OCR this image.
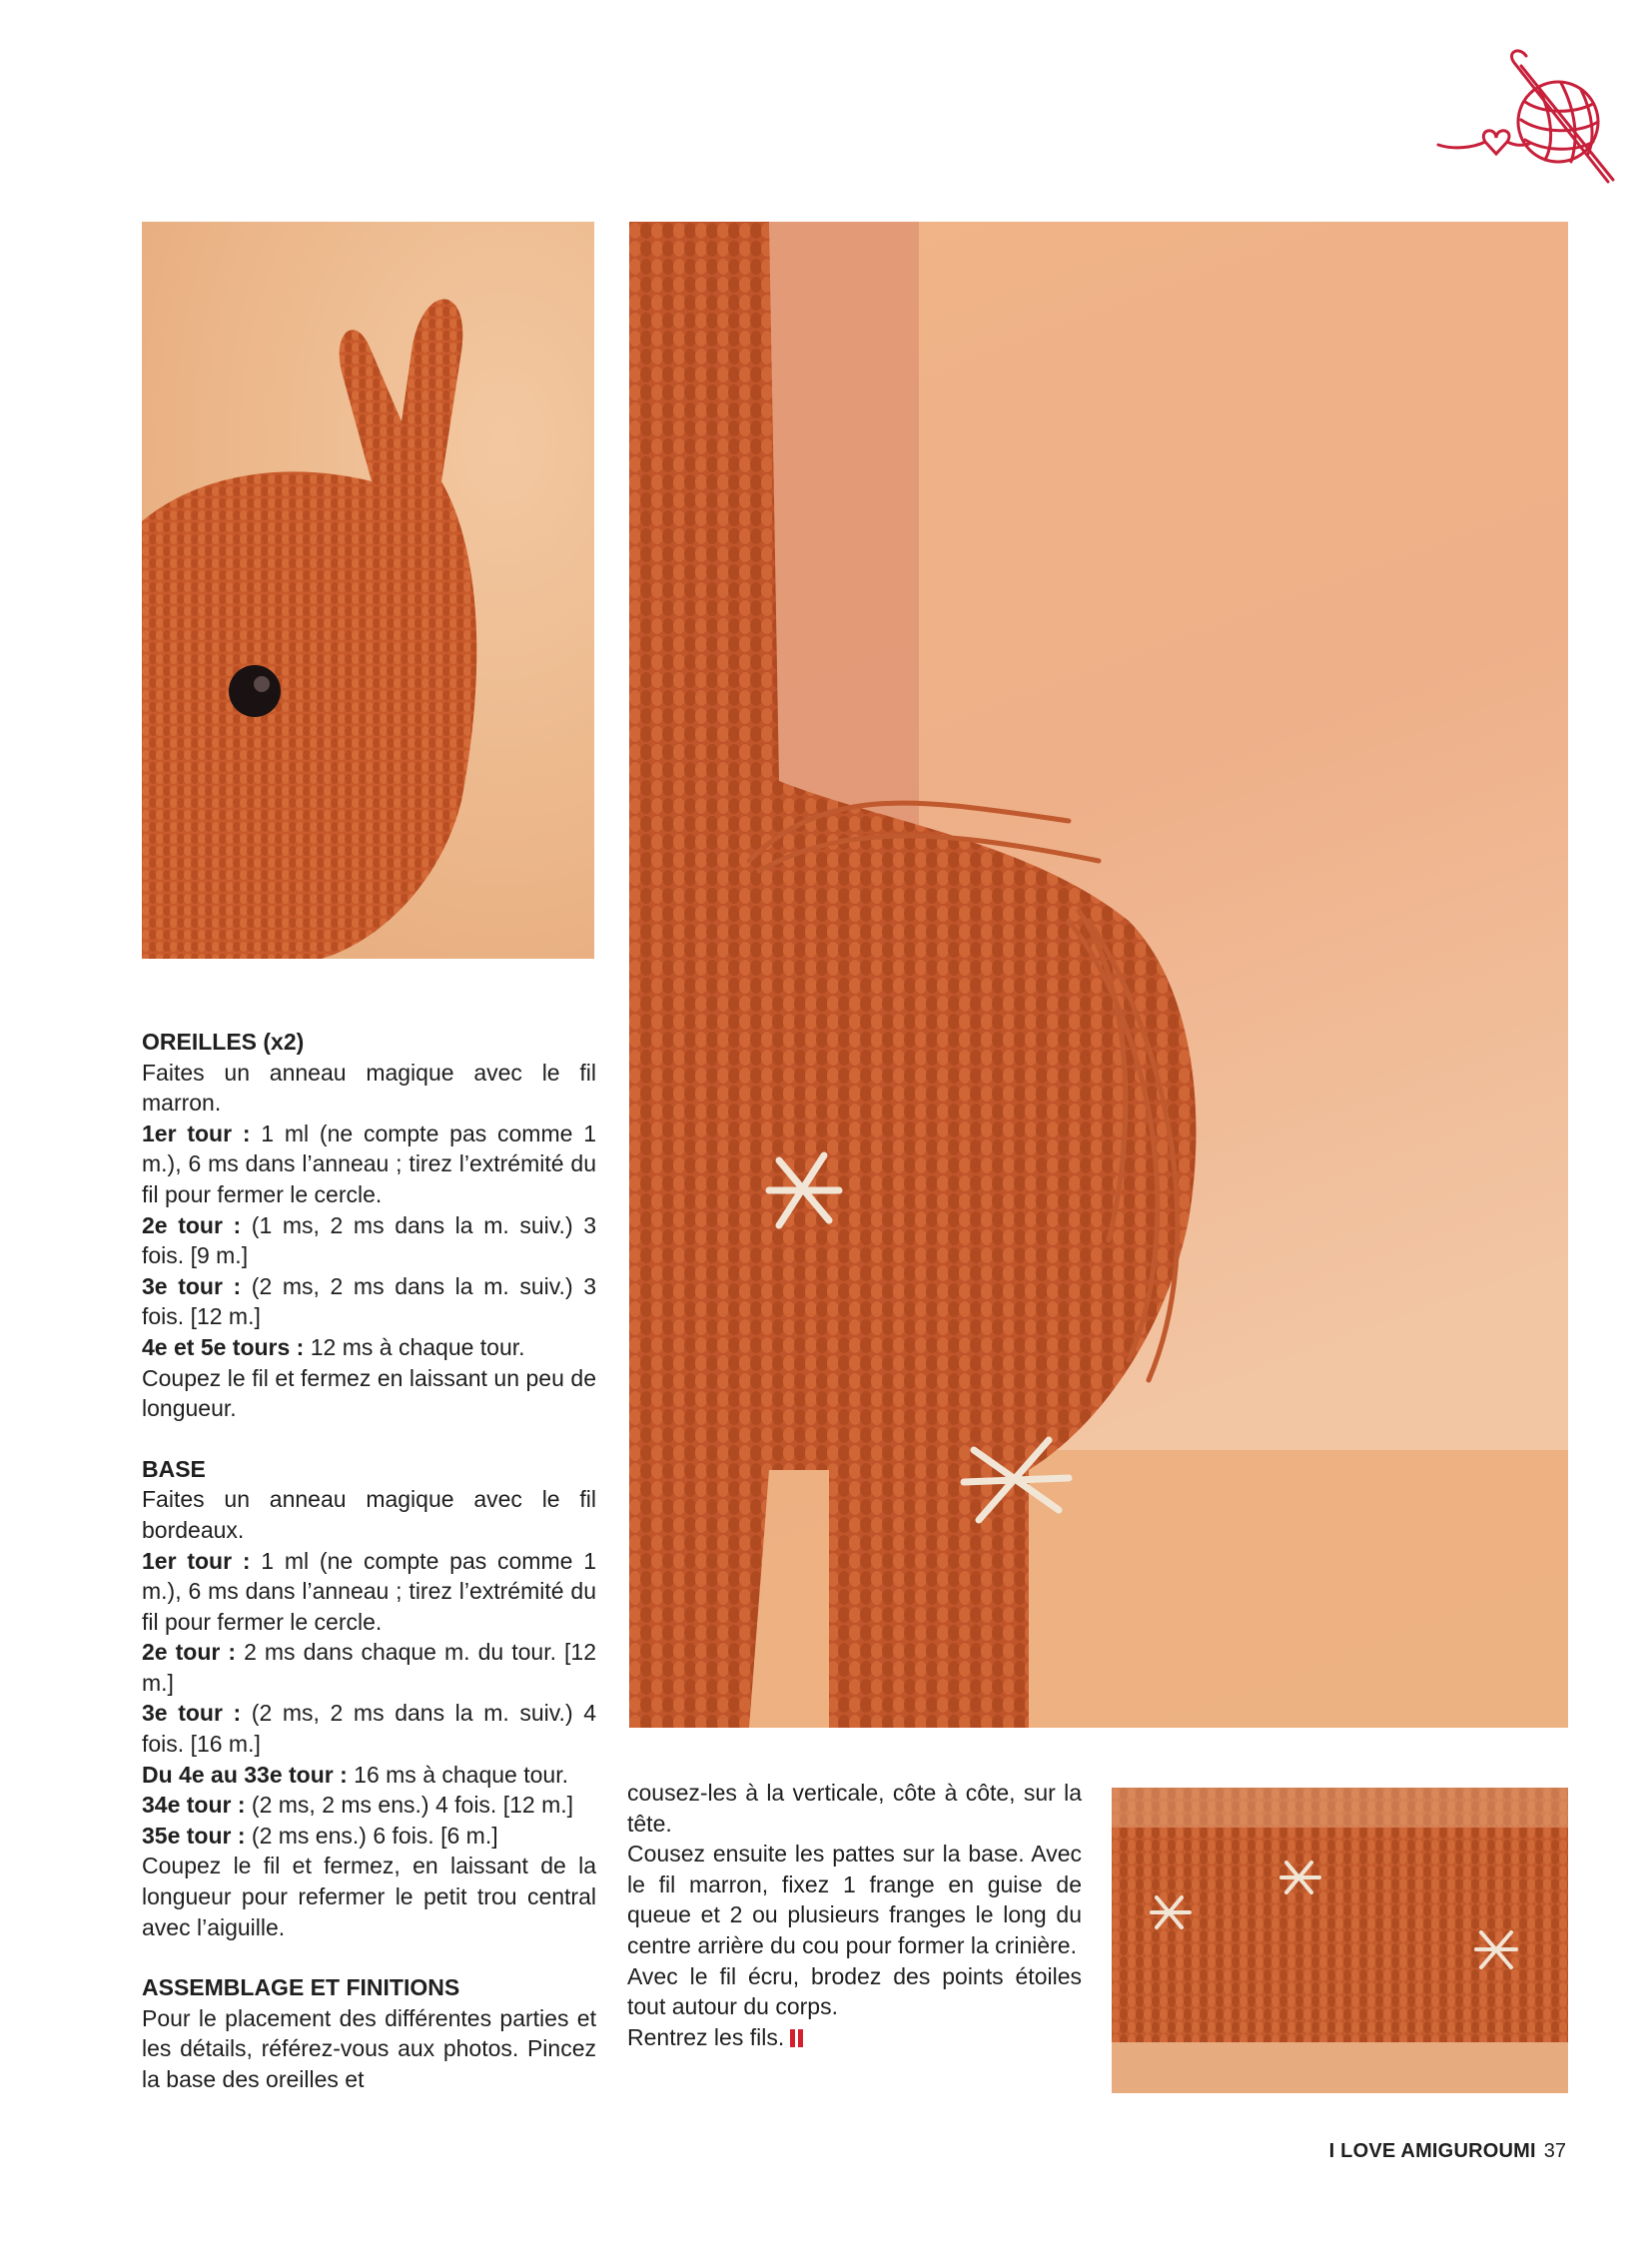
OREILLES (x2)

Faites un anneau magique avec le fil marron.

1er tour : 1 ml (ne compte pas comme 1 m.), 6 ms dans l’anneau ; tirez l’extrémité du fil pour fermer le cercle.

2e tour : (1 ms, 2 ms dans la m. suiv.) 3 fois. [9 m.]

3e tour : (2 ms, 2 ms dans la m. suiv.) 3 fois. [12 m.]

4e et 5e tours : 12 ms à chaque tour.

Coupez le fil et fermez en laissant un peu de longueur.

BASE

Faites un anneau magique avec le fil bordeaux.

1er tour : 1 ml (ne compte pas comme 1 m.), 6 ms dans l’anneau ; tirez l’extrémité du fil pour fermer le cercle.

2e tour : 2 ms dans chaque m. du tour. [12 m.]

3e tour : (2 ms, 2 ms dans la m. suiv.) 4 fois. [16 m.]

Du 4e au 33e tour : 16 ms à chaque tour.

34e tour : (2 ms, 2 ms ens.) 4 fois. [12 m.]

35e tour : (2 ms ens.) 6 fois. [6 m.]

Coupez le fil et fermez, en laissant de la longueur pour refermer le petit trou central avec l’aiguille.

ASSEMBLAGE ET FINITIONS

Pour le placement des différentes parties et les détails, référez-vous aux photos. Pincez la base des oreilles et

cousez-les à la verticale, côte à côte, sur la tête.

Cousez ensuite les pattes sur la base. Avec le fil marron, fixez 1 frange en guise de queue et 2 ou plusieurs franges le long du centre arrière du cou pour former la crinière.

Avec le fil écru, brodez des points étoiles tout autour du corps.

Rentrez les fils.

I LOVE AMIGUROUMI 37
